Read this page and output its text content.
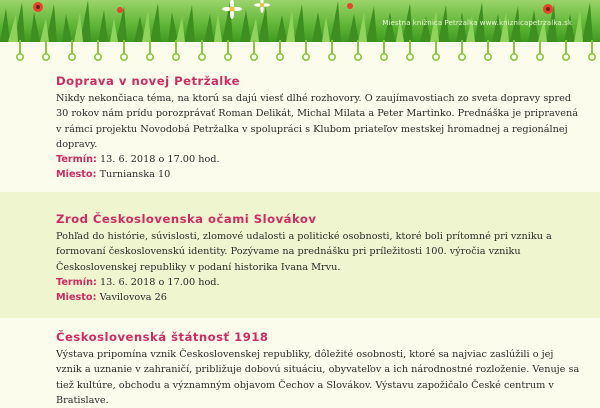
Miestna knižnica Petržalka www.kniznicapetrzalka.sk
Doprava v novej Petržalke

Nikdy nekončiaca téma, na ktorú sa dajú viesť dlhé rozhovory. O zaujímavostiach zo sveta dopravy spred 30 rokov nám prídu porozprávať Roman Delikát, Michal Milata a Peter Martinko. Prednáška je pripravená v rámci projektu Novodobá Petržalka v spolupráci s Klubom priateľov mestskej hromadnej a regionálnej dopravy.

Termín: 13. 6. 2018 o 17.00 hod.

Miesto: Turnianska 10

Zrod Československa očami Slovákov

Pohľad do histórie, súvislosti, zlomové udalosti a politické osobnosti, ktoré boli prítomné pri vzniku a formovaní československú identity. Pozývame na prednášku pri príležitosti 100. výročia vzniku Československej republiky v podaní historika Ivana Mrvu.

Termín: 13. 6. 2018 o 17.00 hod.

Miesto: Vavilovova 26

Československá štátnosť 1918

Výstava pripomína vznik Československej republiky, dôležité osobnosti, ktoré sa najviac zaslúžili o jej vznik a uznanie v zahraničí, približuje dobovú situáciu, obyvateľov a ich národnostné rozloženie. Venuje sa tiež kultúre, obchodu a významným objavom Čechov a Slovákov. Výstavu zapožičalo České centrum v Bratislave.
